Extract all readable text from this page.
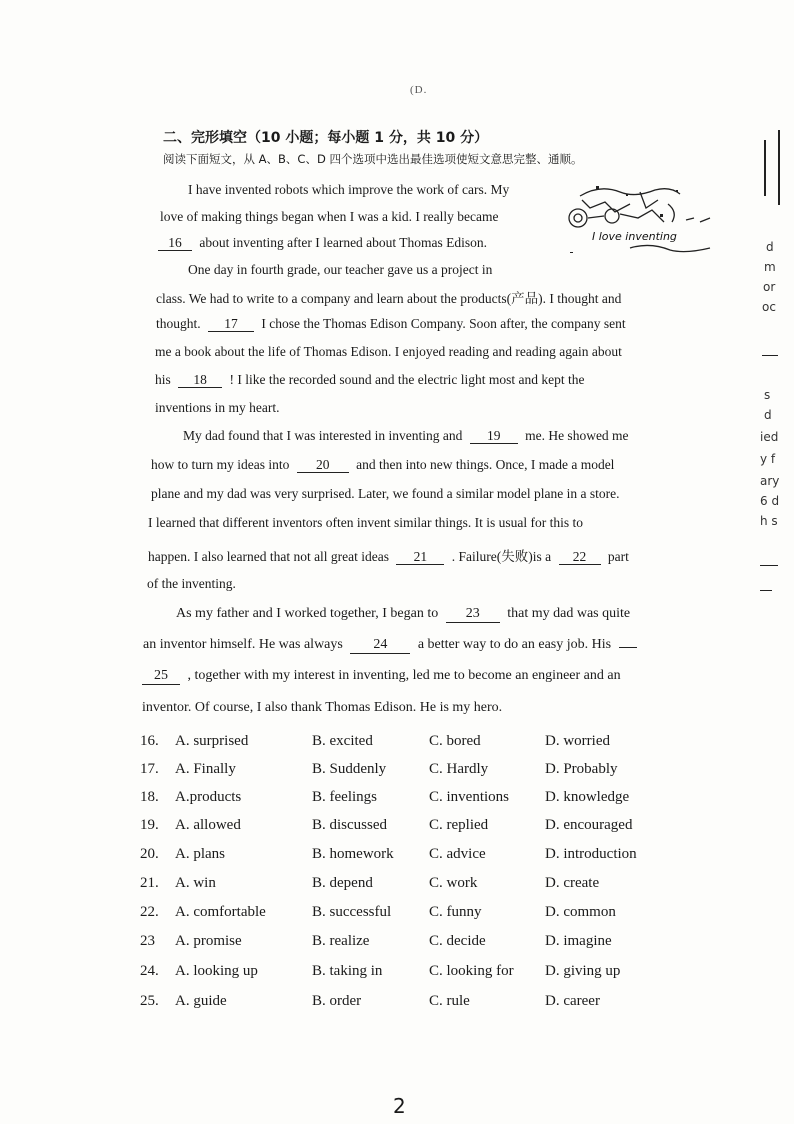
(D.
二、完形填空（10 小题；每小题 1 分，共 10 分）
阅读下面短文，从 A、B、C、D 四个选项中选出最佳选项使短文意思完整、通顺。
I love inventing
I have invented robots which improve the work of cars. My
love of making things began when I was a kid. I really became
16 about inventing after I learned about Thomas Edison.
One day in fourth grade, our teacher gave us a project in
class. We had to write to a company and learn about the products(产品). I thought and
thought. 17 I chose the Thomas Edison Company. Soon after, the company sent
me a book about the life of Thomas Edison. I enjoyed reading and reading again about
his 18 ! I like the recorded sound and the electric light most and kept the
inventions in my heart.
My dad found that I was interested in inventing and 19 me. He showed me
how to turn my ideas into 20 and then into new things. Once, I made a model
plane and my dad was very surprised. Later, we found a similar model plane in a store.
I learned that different inventors often invent similar things. It is usual for this to
happen. I also learned that not all great ideas 21 . Failure(失败)is a 22 part
of the inventing.
As my father and I worked together, I began to 23 that my dad was quite
an inventor himself. He was always 24 a better way to do an easy job. His
25 , together with my interest in inventing, led me to become an engineer and an
inventor. Of course, I also thank Thomas Edison. He is my hero.
16. A. surprised	B. excited	C. bored	D. worried
17. A. Finally	B. Suddenly	C. Hardly	D. Probably
18. A.products	B. feelings	C. inventions D. knowledge
19. A. allowed	B. discussed	C. replied	D. encouraged
20. A. plans	B. homework C. advice	D. introduction
21. A. win	B. depend	C. work	D. create
22. A. comfortable	B. successful	C. funny	D. common
23 A. promise	B. realize	C. decide	D. imagine
24. A. looking up	B. taking in	C. looking for D. giving up
25. A. guide	B. order	C. rule	D. career
2
d
m
or
oc
s
d
ied
y f
ary
6 d
h s
